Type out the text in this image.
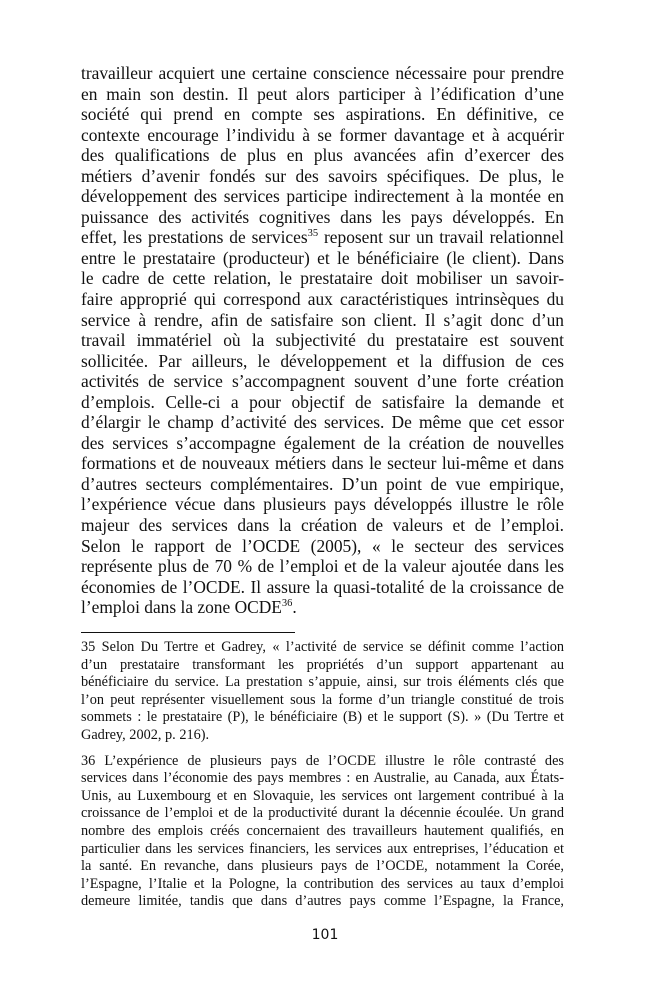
travailleur acquiert une certaine conscience nécessaire pour prendre
en main son destin. Il peut alors participer à l’édification d’une
société qui prend en compte ses aspirations. En définitive, ce
contexte encourage l’individu à se former davantage et à acquérir
des qualifications de plus en plus avancées afin d’exercer des
métiers d’avenir fondés sur des savoirs spécifiques. De plus, le
développement des services participe indirectement à la montée en
puissance des activités cognitives dans les pays développés. En
effet, les prestations de services$^{35}$ reposent sur un travail relationnel
entre le prestataire (producteur) et le bénéficiaire (le client). Dans
le cadre de cette relation, le prestataire doit mobiliser un savoir-
faire approprié qui correspond aux caractéristiques intrinsèques du
service à rendre, afin de satisfaire son client. Il s’agit donc d’un
travail immatériel où la subjectivité du prestataire est souvent
sollicitée. Par ailleurs, le développement et la diffusion de ces
activités de service s’accompagnent souvent d’une forte création
d’emplois. Celle-ci a pour objectif de satisfaire la demande et
d’élargir le champ d’activité des services. De même que cet essor
des services s’accompagne également de la création de nouvelles
formations et de nouveaux métiers dans le secteur lui-même et dans
d’autres secteurs complémentaires. D’un point de vue empirique,
l’expérience vécue dans plusieurs pays développés illustre le rôle
majeur des services dans la création de valeurs et de l’emploi.
Selon le rapport de l’OCDE (2005), « le secteur des services
représente plus de 70 % de l’emploi et de la valeur ajoutée dans les
économies de l’OCDE. Il assure la quasi-totalité de la croissance de
l’emploi dans la zone OCDE$^{36}$.
35 Selon Du Tertre et Gadrey, « l’activité de service se définit comme l’action
d’un prestataire transformant les propriétés d’un support appartenant au
bénéficiaire du service. La prestation s’appuie, ainsi, sur trois éléments clés que
l’on peut représenter visuellement sous la forme d’un triangle constitué de trois
sommets : le prestataire (P), le bénéficiaire (B) et le support (S). » (Du Tertre et
Gadrey, 2002, p. 216).
36 L’expérience de plusieurs pays de l’OCDE illustre le rôle contrasté des
services dans l’économie des pays membres : en Australie, au Canada, aux États-
Unis, au Luxembourg et en Slovaquie, les services ont largement contribué à la
croissance de l’emploi et de la productivité durant la décennie écoulée. Un grand
nombre des emplois créés concernaient des travailleurs hautement qualifiés, en
particulier dans les services financiers, les services aux entreprises, l’éducation et
la santé. En revanche, dans plusieurs pays de l’OCDE, notamment la Corée,
l’Espagne, l’Italie et la Pologne, la contribution des services au taux d’emploi
demeure limitée, tandis que dans d’autres pays comme l’Espagne, la France,
101
